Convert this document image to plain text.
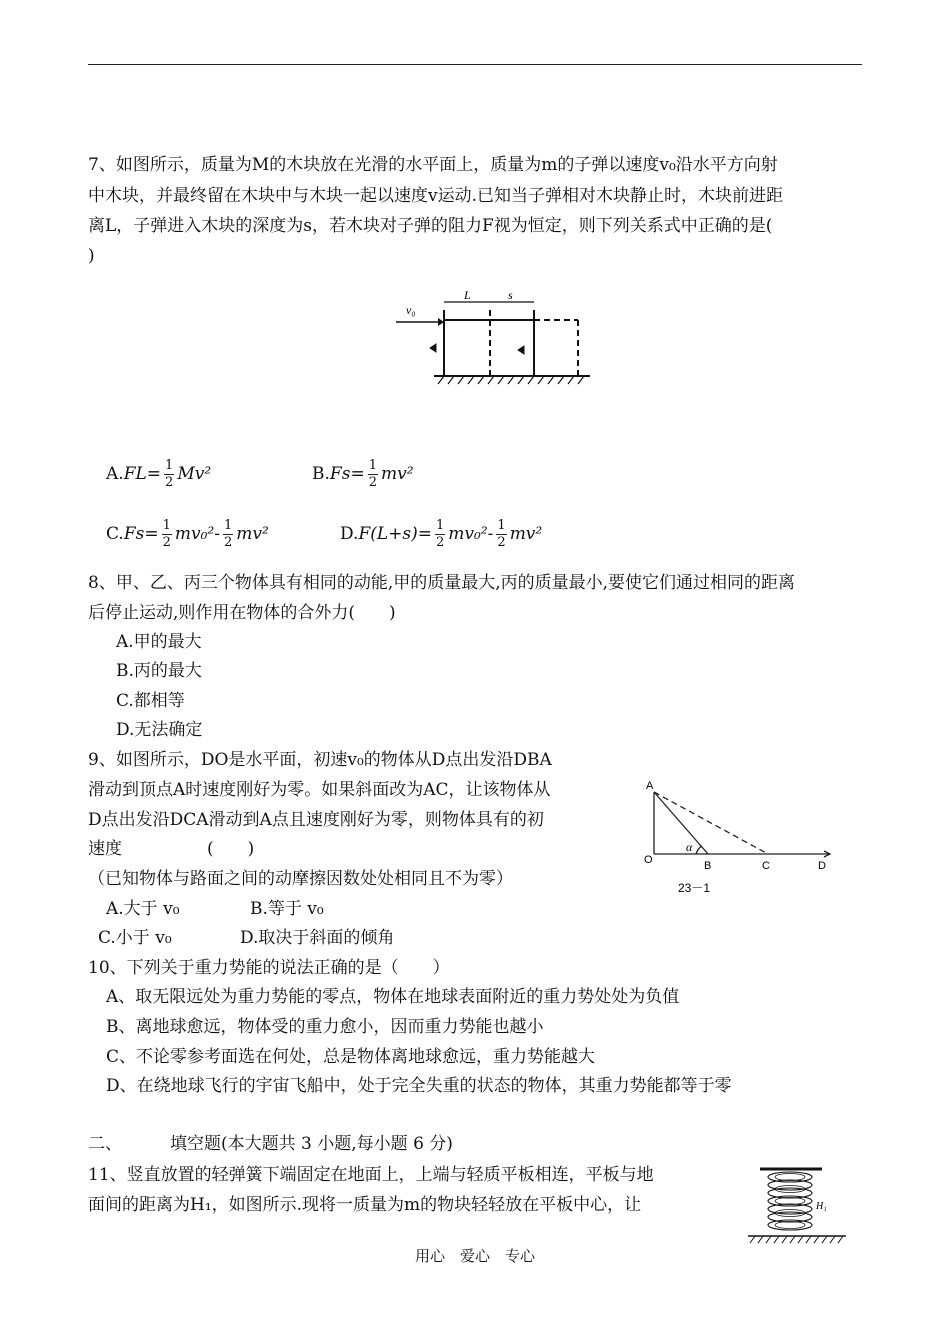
7、如图所示，质量为M的木块放在光滑的水平面上，质量为m的子弹以速度v₀沿水平方向射
中木块，并最终留在木块中与木块一起以速度v运动.已知当子弹相对木块静止时，木块前进距
离L，子弹进入木块的深度为s，若木块对子弹的阻力F视为恒定，则下列关系式中正确的是(
)
v₀
L	s
$A.FL= \frac{1}{2} Mv^2$	$B.Fs= \frac{1}{2} mv^2$
$C.Fs= \frac{1}{2} mv_0^2- \frac{1}{2} mv^2$	$D.F(L+s)= \frac{1}{2} mv_0^2- \frac{1}{2} mv^2$
8、甲、乙、丙三个物体具有相同的动能,甲的质量最大,丙的质量最小,要使它们通过相同的距离
后停止运动,则作用在物体的合外力(　　)
A.甲的最大
B.丙的最大
C.都相等
D.无法确定
9、如图所示，DO是水平面，初速v₀的物体从D点出发沿DBA
滑动到顶点A时速度刚好为零。如果斜面改为AC，让该物体从
D点出发沿DCA滑动到A点且速度刚好为零，则物体具有的初
速度　　　　　(　　)
（已知物体与路面之间的动摩擦因数处处相同且不为零）
A.大于 v₀	B.等于 v₀
C.小于 v₀	D.取决于斜面的倾角
A
O
α
B	C	D
23－1
10、下列关于重力势能的说法正确的是（　　）
A、取无限远处为重力势能的零点，物体在地球表面附近的重力势处处为负值
B、离地球愈远，物体受的重力愈小，因而重力势能也越小
C、不论零参考面选在何处，总是物体离地球愈远，重力势能越大
D、在绕地球飞行的宇宙飞船中，处于完全失重的状态的物体，其重力势能都等于零
二、	填空题(本大题共 3 小题,每小题 6 分)
11、竖直放置的轻弹簧下端固定在地面上，上端与轻质平板相连，平板与地
面间的距离为H₁，如图所示.现将一质量为m的物块轻轻放在平板中心，让	H₁
用心　爱心　专心
